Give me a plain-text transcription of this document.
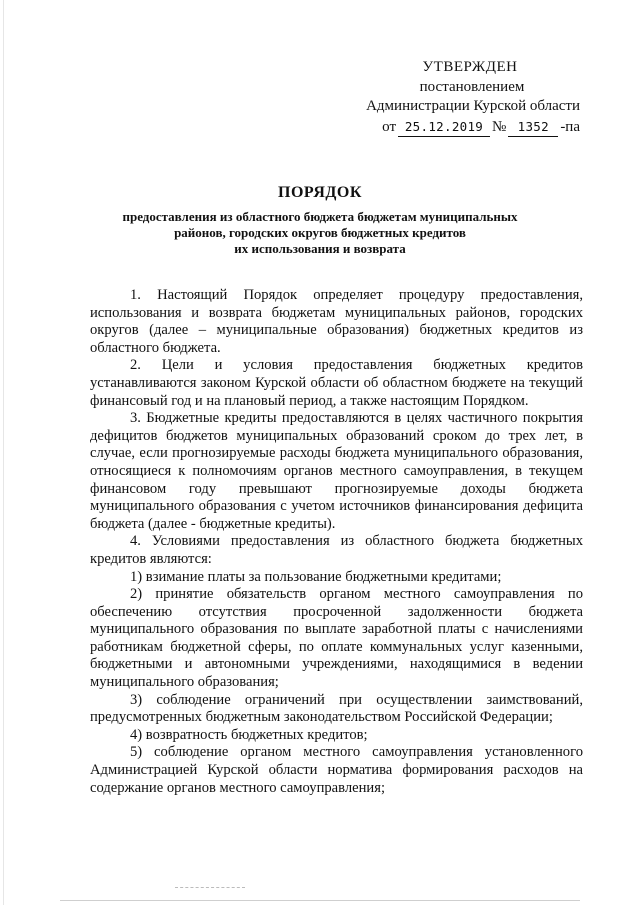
УТВЕРЖДЕН
постановлением
Администрации Курской области
от 25.12.2019 № 1352 -па
ПОРЯДОК
предоставления из областного бюджета бюджетам муниципальных
районов, городских округов бюджетных кредитов
их использования и возврата

1. Настоящий Порядок определяет процедуру предоставления, использования и возврата бюджетам муниципальных районов, городских округов (далее – муниципальные образования) бюджетных кредитов из областного бюджета.

2. Цели и условия предоставления бюджетных кредитов устанавливаются законом Курской области об областном бюджете на текущий финансовый год и на плановый период, а также настоящим Порядком.

3. Бюджетные кредиты предоставляются в целях частичного покрытия дефицитов бюджетов муниципальных образований сроком до трех лет, в случае, если прогнозируемые расходы бюджета муниципального образования, относящиеся к полномочиям органов местного самоуправления, в текущем финансовом году превышают прогнозируемые доходы бюджета муниципального образования с учетом источников финансирования дефицита бюджета (далее - бюджетные кредиты).

4. Условиями предоставления из областного бюджета бюджетных кредитов являются:

1) взимание платы за пользование бюджетными кредитами;

2) принятие обязательств органом местного самоуправления по обеспечению отсутствия просроченной задолженности бюджета муниципального образования по выплате заработной платы с начислениями работникам бюджетной сферы, по оплате коммунальных услуг казенными, бюджетными и автономными учреждениями, находящимися в ведении муниципального образования;

3) соблюдение ограничений при осуществлении заимствований, предусмотренных бюджетным законодательством Российской Федерации;

4) возвратность бюджетных кредитов;

5) соблюдение органом местного самоуправления установленного Администрацией Курской области норматива формирования расходов на содержание органов местного самоуправления;
